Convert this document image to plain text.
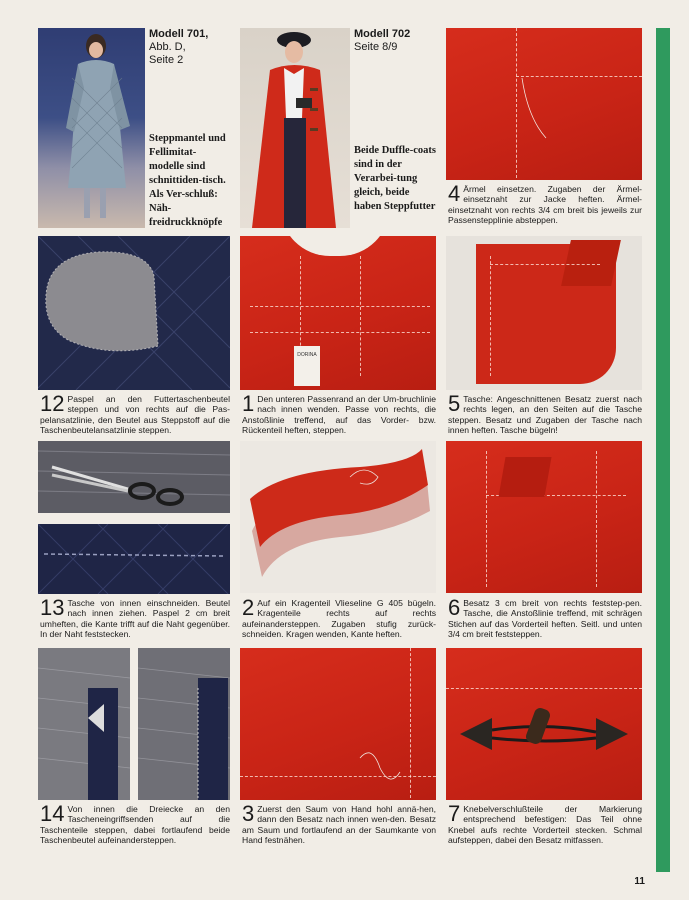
Modell 701,
Abb. D,
Seite 2
Steppmantel und Fellimitat-modelle sind schnittiden-tisch. Als Ver-schluß: Näh-freidruckknöpfe
Modell 702
Seite 8/9
Beide Duffle-coats sind in der Verarbei-tung gleich, beide haben Steppfutter
4 Ärmel einsetzen. Zugaben der Ärmel-einsetznaht zur Jacke heften. Ärmel-einsetznaht von rechts 3/4 cm breit bis jeweils zur Passenstepplinie absteppen.
12 Paspel an den Futtertaschenbeutel steppen und von rechts auf die Pas-pelansatzlinie, den Beutel aus Steppstoff auf die Taschenbeutelansatzlinie steppen.
DORINA
1 Den unteren Passenrand an der Um-bruchlinie nach innen wenden. Passe von rechts, die Anstoßlinie treffend, auf das Vorder- bzw. Rückenteil heften, steppen.
5 Tasche: Angeschnittenen Besatz zuerst nach rechts legen, an den Seiten auf die Tasche steppen. Besatz und Zugaben der Tasche nach innen heften. Tasche bügeln!
13 Tasche von innen einschneiden. Beutel nach innen ziehen. Paspel 2 cm breit umheften, die Kante trifft auf die Naht gegenüber. In der Naht feststecken.
2 Auf ein Kragenteil Vlieseline G 405 bügeln. Kragenteile rechts auf rechts aufeinandersteppen. Zugaben stufig zurück-schneiden. Kragen wenden, Kante heften.
6 Besatz 3 cm breit von rechts feststep-pen. Tasche, die Anstoßlinie treffend, mit schrägen Stichen auf das Vorderteil heften. Seitl. und unten 3/4 cm breit feststeppen.
14 Von innen die Dreiecke an den Tascheneingriffsenden auf die Taschenteile steppen, dabei fortlaufend beide Taschenbeutel aufeinandersteppen.
3 Zuerst den Saum von Hand hohl annä-hen, dann den Besatz nach innen wen-den. Besatz am Saum und fortlaufend an der Saumkante von Hand festnähen.
7 Knebelverschlußteile der Markierung entsprechend befestigen: Das Teil ohne Knebel aufs rechte Vorderteil stecken. Schmal aufsteppen, dabei den Besatz mitfassen.
11
